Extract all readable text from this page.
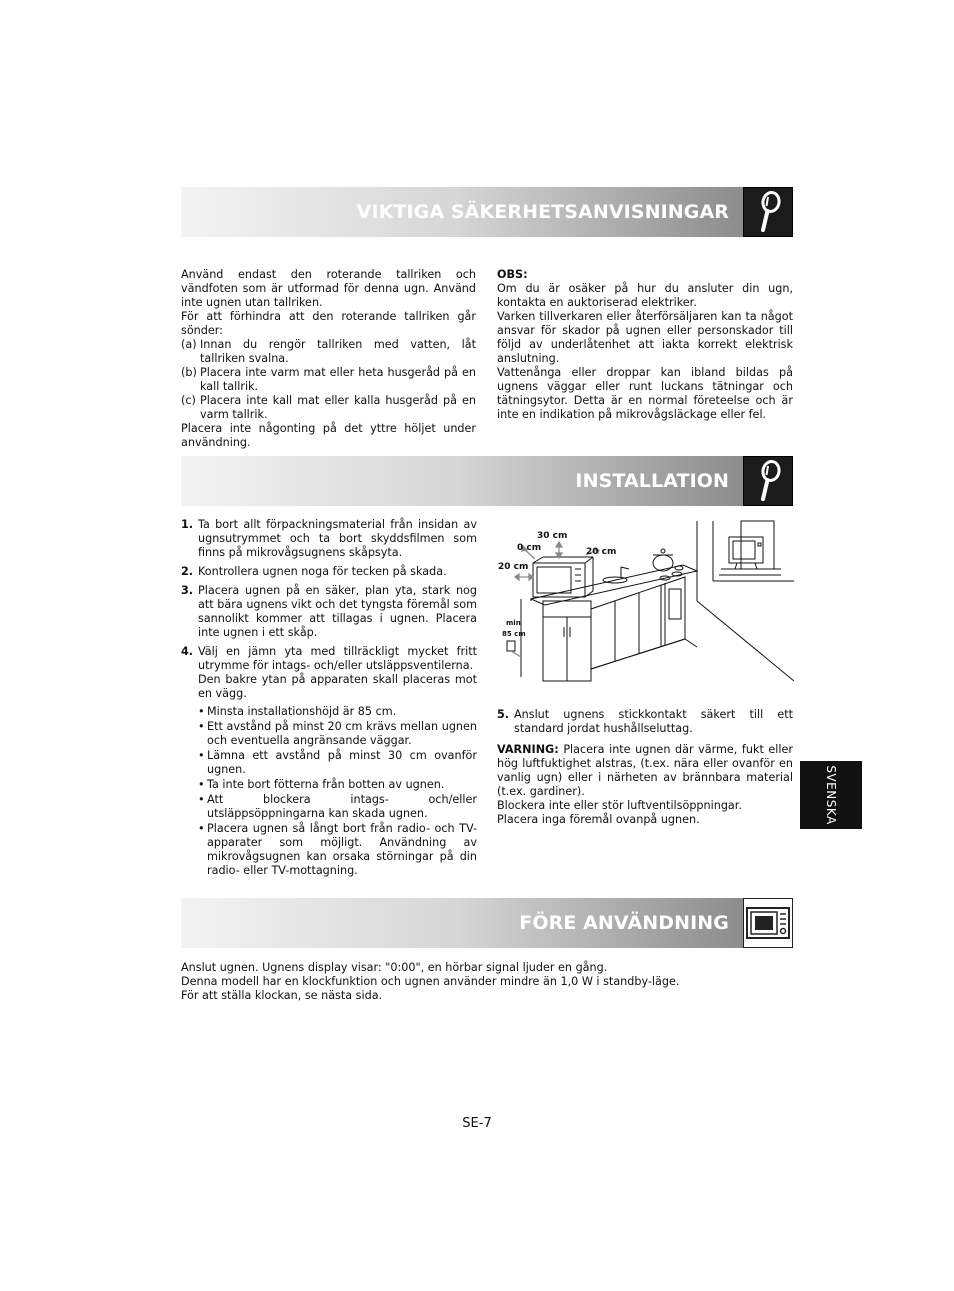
VIKTIGA SÄKERHETSANVISNINGAR

Använd endast den roterande tallriken och vändfoten som är utformad för denna ugn. Använd inte ugnen utan tallriken.

För att förhindra att den roterande tallriken går sönder:

(a) Innan du rengör tallriken med vatten, låt tallriken svalna.
(b) Placera inte varm mat eller heta husgeråd på en kall tallrik.
(c) Placera inte kall mat eller kalla husgeråd på en varm tallrik.

Placera inte någonting på det yttre höljet under användning.

OBS:

Om du är osäker på hur du ansluter din ugn, kontakta en auktoriserad elektriker.

Varken tillverkaren eller återförsäljaren kan ta något ansvar för skador på ugnen eller personskador till följd av underlåtenhet att iakta korrekt elektrisk anslutning.

Vattenånga eller droppar kan ibland bildas på ugnens väggar eller runt luckans tätningar och tätningsytor. Detta är en normal företeelse och är inte en indikation på mikrovågsläckage eller fel.

INSTALLATION
1. Ta bort allt förpackningsmaterial från insidan av ugnsutrymmet och ta bort skyddsfilmen som finns på mikrovågsugnens skåpsyta.
2. Kontrollera ugnen noga för tecken på skada.
3. Placera ugnen på en säker, plan yta, stark nog att bära ugnens vikt och det tyngsta föremål som sannolikt kommer att tillagas i ugnen. Placera inte ugnen i ett skåp.
4. Välj en jämn yta med tillräckligt mycket fritt utrymme för intags- och/eller utsläppsventilerna.
Den bakre ytan på apparaten skall placeras mot en vägg.
• Minsta installationshöjd är 85 cm.
• Ett avstånd på minst 20 cm krävs mellan ugnen och eventuella angränsande väggar.
• Lämna ett avstånd på minst 30 cm ovanför ugnen.
• Ta inte bort fötterna från botten av ugnen.
• Att blockera intags- och/eller utsläppsöppningarna kan skada ugnen.
• Placera ugnen så långt bort från radio- och TV-apparater som möjligt. Användning av mikrovågsugnen kan orsaka störningar på din radio- eller TV-mottagning.
30 cm
0 cm	20 cm
20 cm
min
85 cm
5. Anslut ugnens stickkontakt säkert till ett standard jordat hushållseluttag.

VARNING: Placera inte ugnen där värme, fukt eller hög luftfuktighet alstras, (t.ex. nära eller ovanför en vanlig ugn) eller i närheten av brännbara material (t.ex. gardiner).

Blockera inte eller stör luftventilsöppningar.

Placera inga föremål ovanpå ugnen.	SVENSKA
FÖRE ANVÄNDNING

Anslut ugnen. Ugnens display visar: "0:00", en hörbar signal ljuder en gång.

Denna modell har en klockfunktion och ugnen använder mindre än 1,0 W i standby-läge.

För att ställa klockan, se nästa sida.

SE-7
